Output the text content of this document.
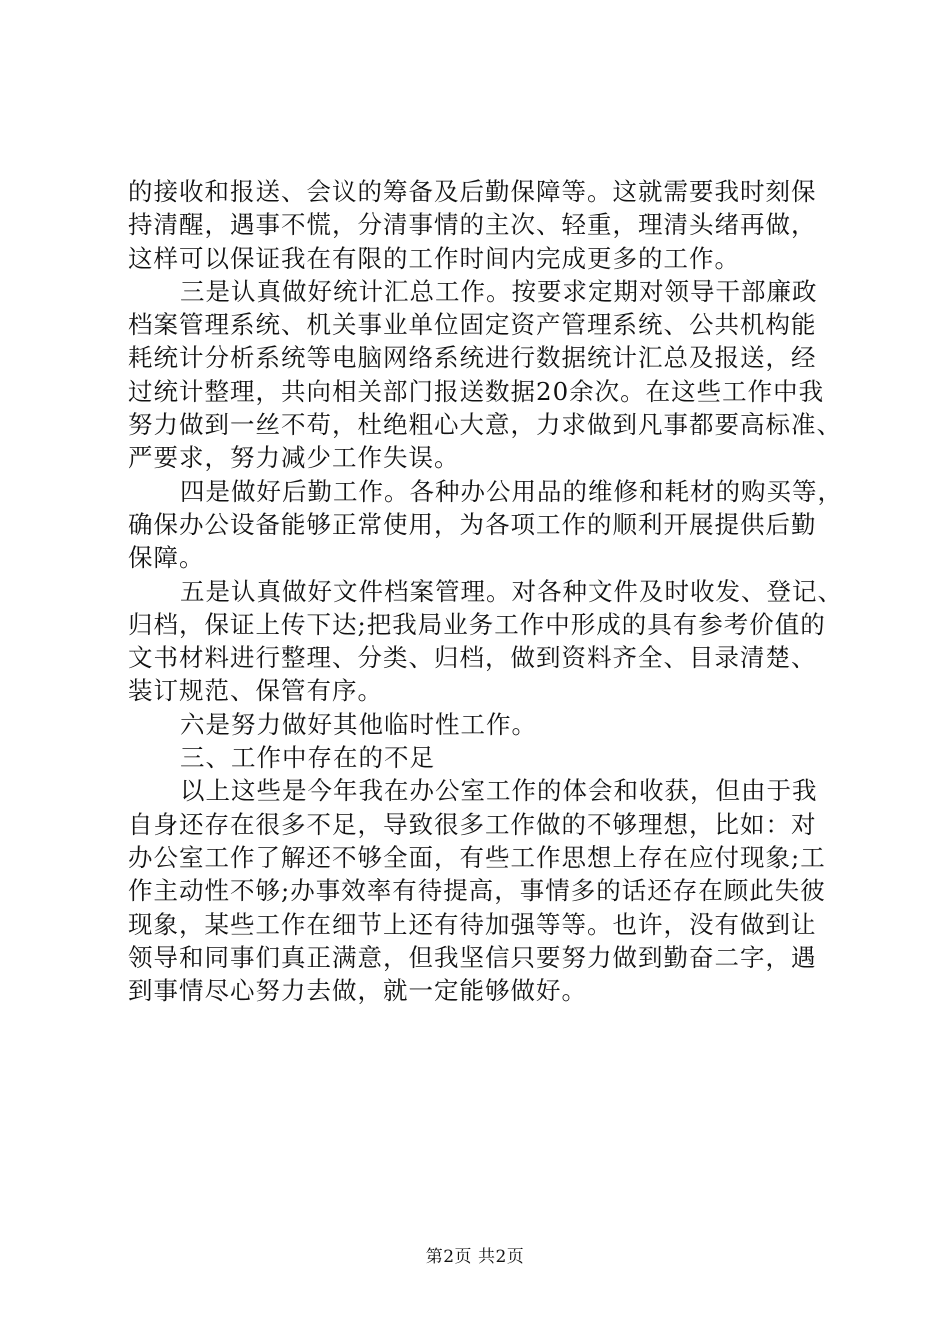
的接收和报送、会议的筹备及后勤保障等。这就需要我时刻保
持清醒，遇事不慌，分清事情的主次、轻重，理清头绪再做，
这样可以保证我在有限的工作时间内完成更多的工作。
三是认真做好统计汇总工作。按要求定期对领导干部廉政
档案管理系统、机关事业单位固定资产管理系统、公共机构能
耗统计分析系统等电脑网络系统进行数据统计汇总及报送，经
过统计整理，共向相关部门报送数据20余次。在这些工作中我
努力做到一丝不苟，杜绝粗心大意，力求做到凡事都要高标准、
严要求，努力减少工作失误。
四是做好后勤工作。各种办公用品的维修和耗材的购买等，
确保办公设备能够正常使用，为各项工作的顺利开展提供后勤
保障。
五是认真做好文件档案管理。对各种文件及时收发、登记、
归档，保证上传下达;把我局业务工作中形成的具有参考价值的
文书材料进行整理、分类、归档，做到资料齐全、目录清楚、
装订规范、保管有序。
六是努力做好其他临时性工作。
三、工作中存在的不足
以上这些是今年我在办公室工作的体会和收获，但由于我
自身还存在很多不足，导致很多工作做的不够理想，比如：对
办公室工作了解还不够全面，有些工作思想上存在应付现象;工
作主动性不够;办事效率有待提高，事情多的话还存在顾此失彼
现象，某些工作在细节上还有待加强等等。也许，没有做到让
领导和同事们真正满意，但我坚信只要努力做到勤奋二字，遇
到事情尽心努力去做，就一定能够做好。
第2页 共2页
